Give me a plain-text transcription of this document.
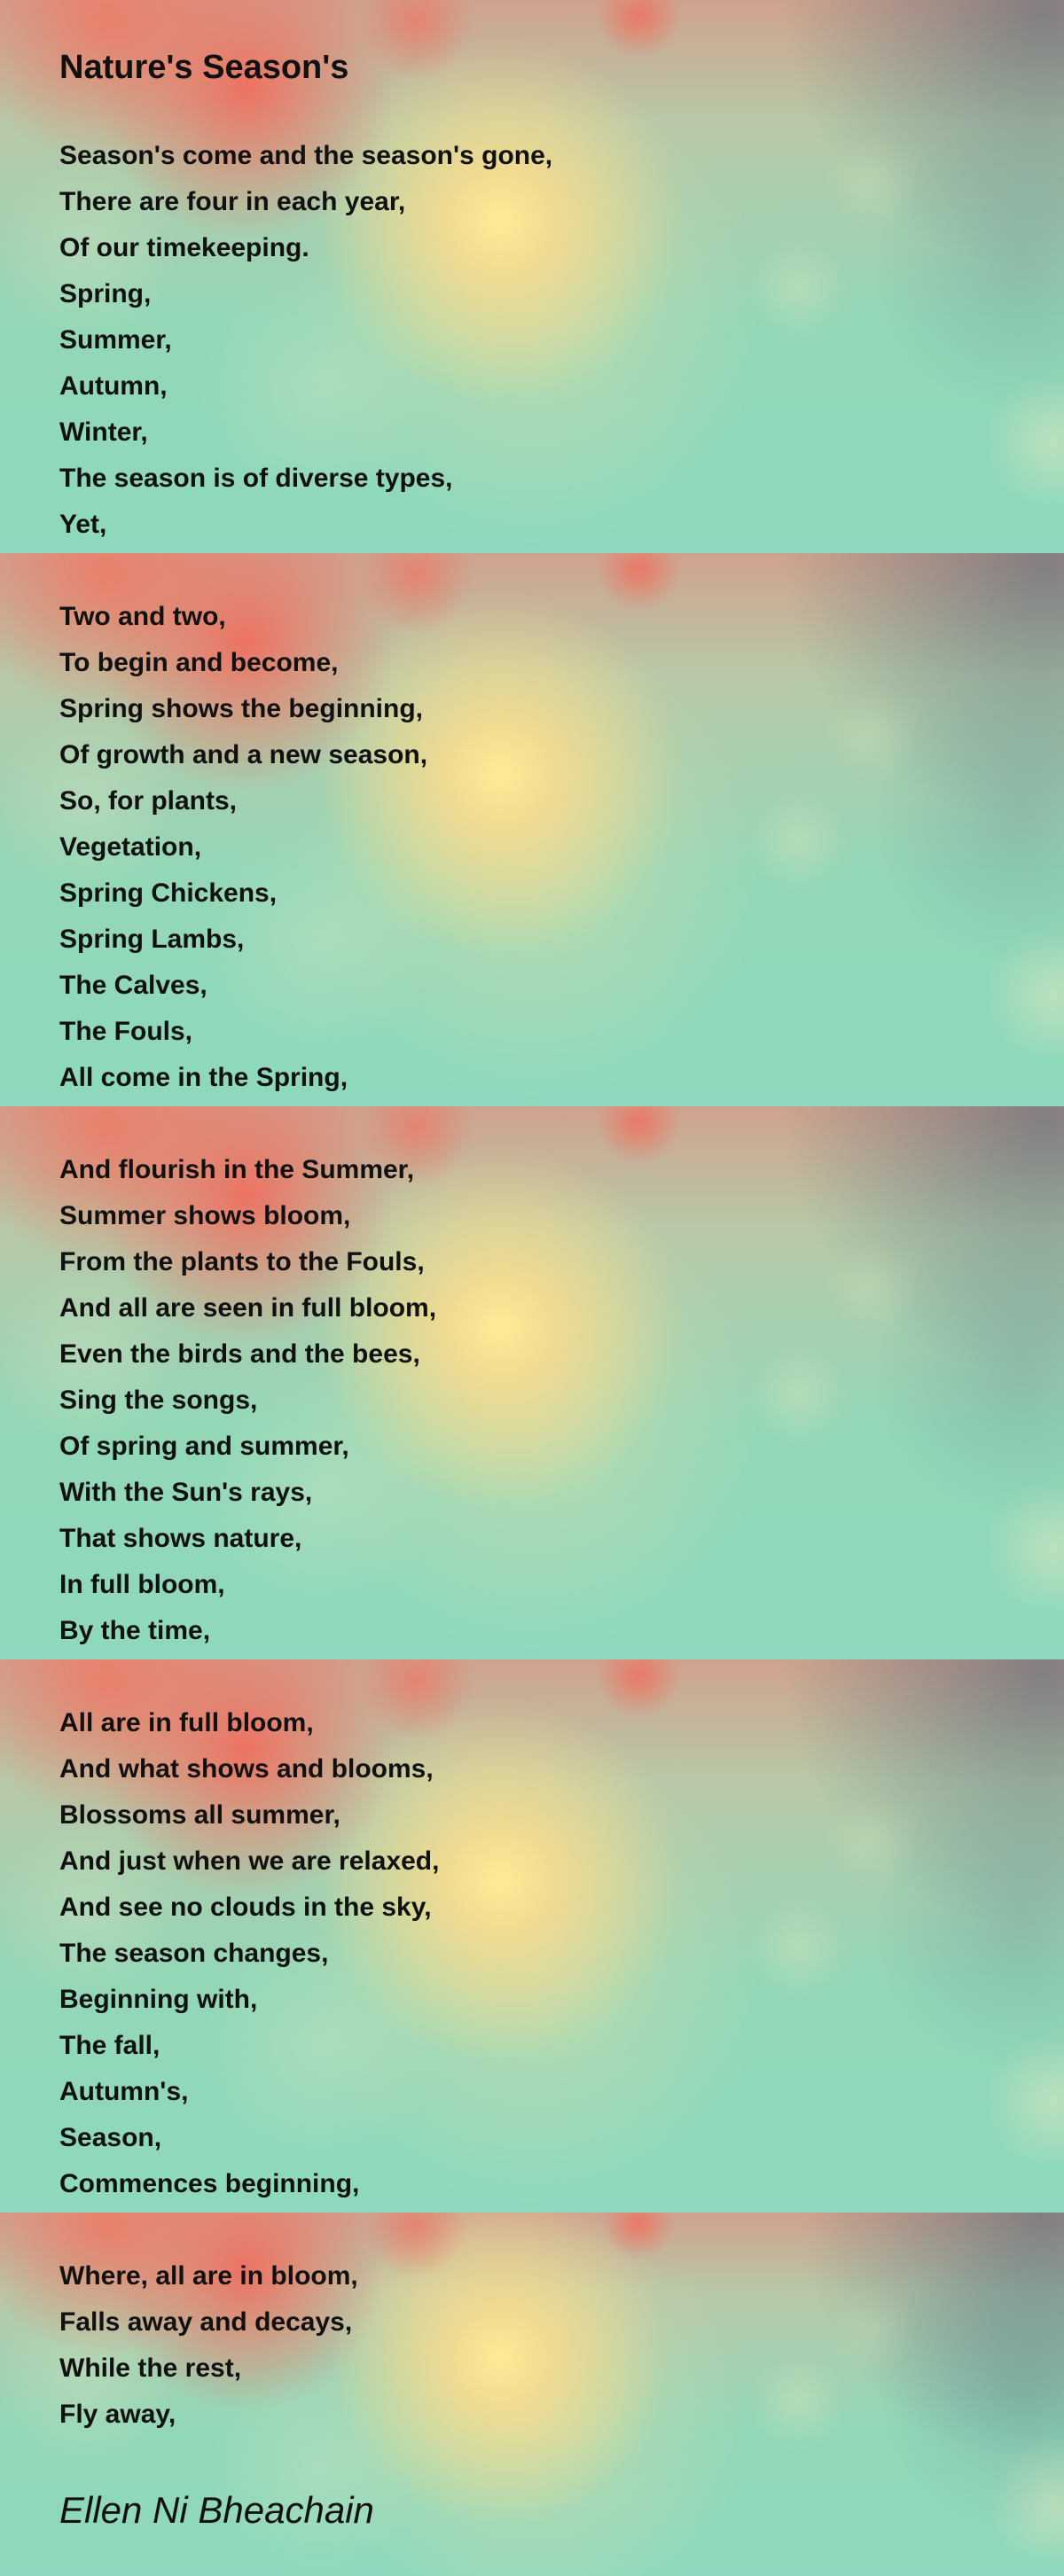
Nature's Season's
Season's come and the season's gone,
There are four in each year,
Of our timekeeping.
Spring,
Summer,
Autumn,
Winter,
The season is of diverse types,
Yet,
Two and two,
To begin and become,
Spring shows the beginning,
Of growth and a new season,
So, for plants,
Vegetation,
Spring Chickens,
Spring Lambs,
The Calves,
The Fouls,
All come in the Spring,
And flourish in the Summer,
Summer shows bloom,
From the plants to the Fouls,
And all are seen in full bloom,
Even the birds and the bees,
Sing the songs,
Of spring and summer,
With the Sun's rays,
That shows nature,
In full bloom,
By the time,
All are in full bloom,
And what shows and blooms,
Blossoms all summer,
And just when we are relaxed,
And see no clouds in the sky,
The season changes,
Beginning with,
The fall,
Autumn's,
Season,
Commences beginning,
Where, all are in bloom,
Falls away and decays,
While the rest,
Fly away,

Ellen Ni Bheachain
